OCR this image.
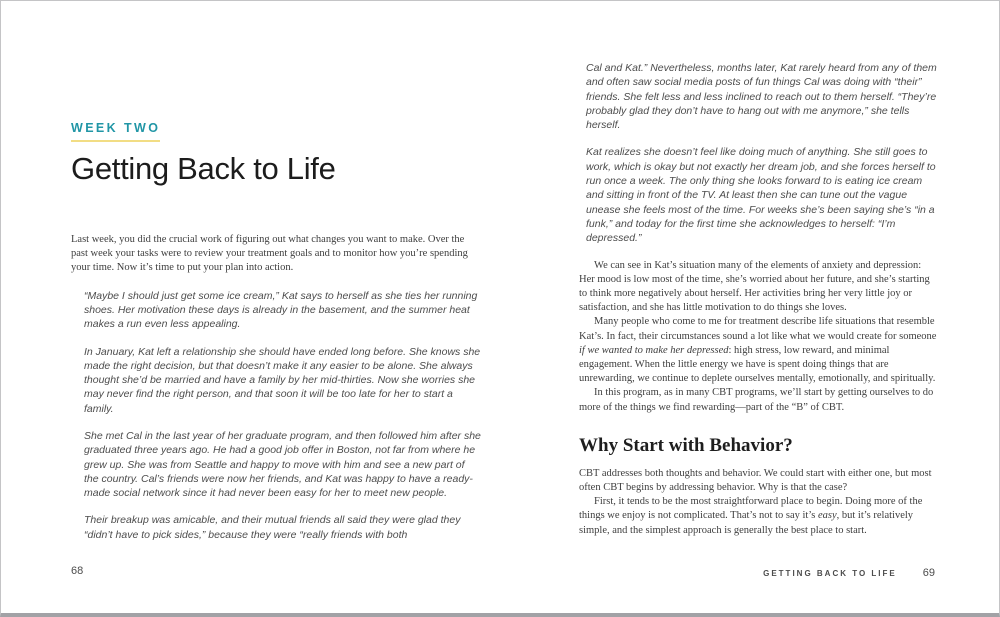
WEEK TWO
Getting Back to Life

Last week, you did the crucial work of figuring out what changes you want to make. Over the past week your tasks were to review your treatment goals and to monitor how you’re spending your time. Now it’s time to put your plan into action.

“Maybe I should just get some ice cream,” Kat says to herself as she ties her running shoes. Her motivation these days is already in the basement, and the summer heat makes a run even less appealing.

In January, Kat left a relationship she should have ended long before. She knows she made the right decision, but that doesn’t make it any easier to be alone. She always thought she’d be married and have a family by her mid-thirties. Now she worries she may never find the right person, and that soon it will be too late for her to start a family.

She met Cal in the last year of her graduate program, and then followed him after she graduated three years ago. He had a good job offer in Boston, not far from where he grew up. She was from Seattle and happy to move with him and see a new part of the country. Cal’s friends were now her friends, and Kat was happy to have a ready-made social network since it had never been easy for her to meet new people.

Their breakup was amicable, and their mutual friends all said they were glad they “didn’t have to pick sides,” because they were “really friends with both

Cal and Kat.” Nevertheless, months later, Kat rarely heard from any of them and often saw social media posts of fun things Cal was doing with “their” friends. She felt less and less inclined to reach out to them herself. “They’re probably glad they don’t have to hang out with me anymore,” she tells herself.

Kat realizes she doesn’t feel like doing much of anything. She still goes to work, which is okay but not exactly her dream job, and she forces herself to run once a week. The only thing she looks forward to is eating ice cream and sitting in front of the TV. At least then she can tune out the vague unease she feels most of the time. For weeks she’s been saying she’s “in a funk,” and today for the first time she acknowledges to herself: “I’m depressed.”

We can see in Kat’s situation many of the elements of anxiety and depression: Her mood is low most of the time, she’s worried about her future, and she’s starting to think more negatively about herself. Her activities bring her very little joy or satisfaction, and she has little motivation to do things she loves.

Many people who come to me for treatment describe life situations that resemble Kat’s. In fact, their circumstances sound a lot like what we would create for someone if we wanted to make her depressed: high stress, low reward, and minimal engagement. When the little energy we have is spent doing things that are unrewarding, we continue to deplete ourselves mentally, emotionally, and spiritually.

In this program, as in many CBT programs, we’ll start by getting ourselves to do more of the things we find rewarding—part of the “B” of CBT.

Why Start with Behavior?

CBT addresses both thoughts and behavior. We could start with either one, but most often CBT begins by addressing behavior. Why is that the case?

First, it tends to be the most straightforward place to begin. Doing more of the things we enjoy is not complicated. That’s not to say it’s easy, but it’s relatively simple, and the simplest approach is generally the best place to start.

68	GETTING BACK TO LIFE 69
